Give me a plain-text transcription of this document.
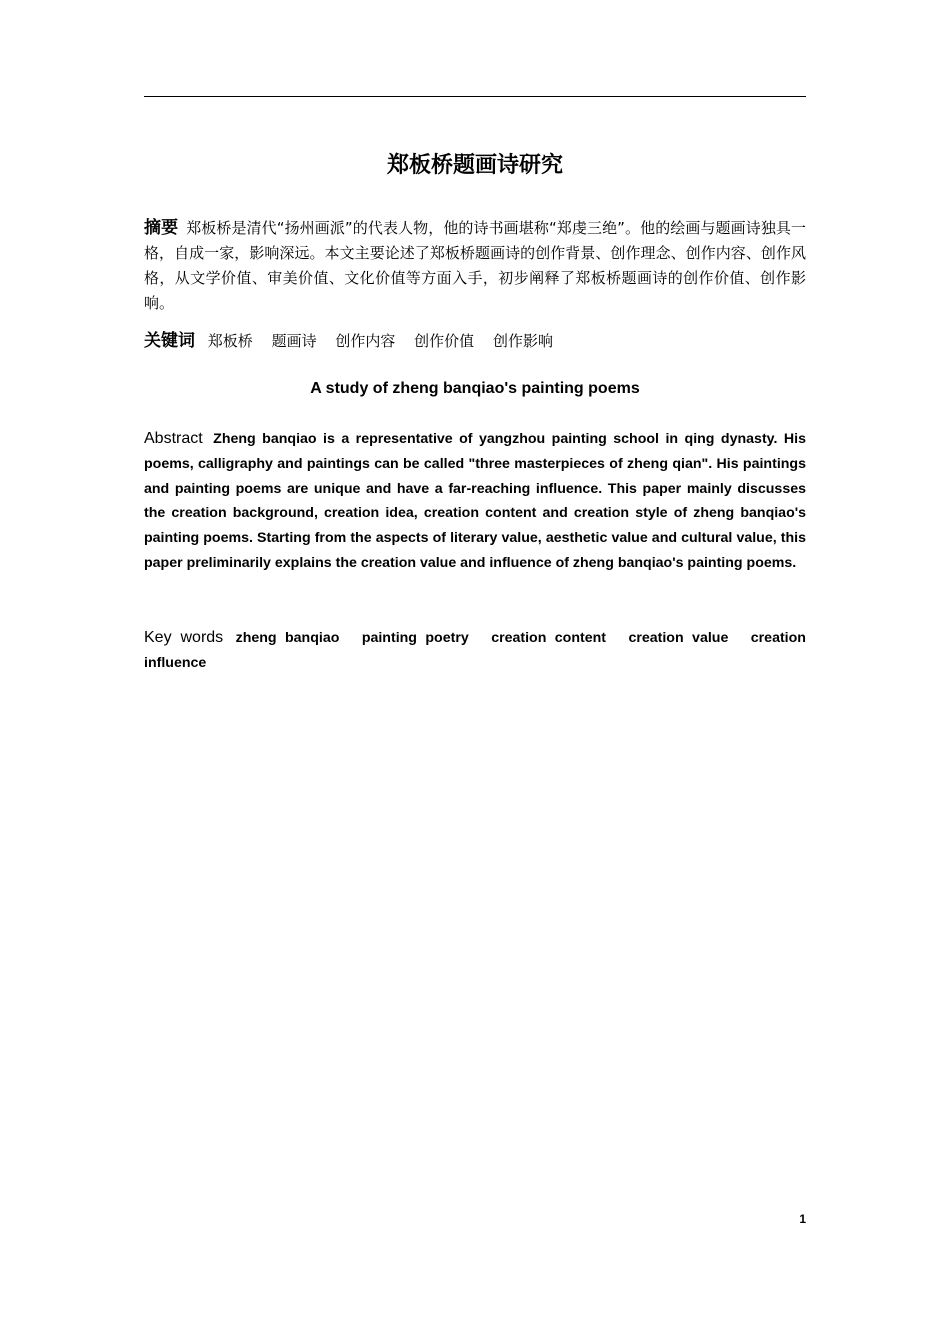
郑板桥题画诗研究
摘要 郑板桥是清代“扬州画派”的代表人物，他的诗书画堪称“郑虔三绝”。他的绘画与题画诗独具一格，自成一家，影响深远。本文主要论述了郑板桥题画诗的创作背景、创作理念、创作内容、创作风格，从文学价值、审美价值、文化价值等方面入手，初步阐释了郑板桥题画诗的创作价值、创作影响。
关键词 郑板桥 题画诗 创作内容 创作价值 创作影响
A study of zheng banqiao's painting poems
Abstract Zheng banqiao is a representative of yangzhou painting school in qing dynasty. His poems, calligraphy and paintings can be called "three masterpieces of zheng qian". His paintings and painting poems are unique and have a far-reaching influence. This paper mainly discusses the creation background, creation idea, creation content and creation style of zheng banqiao's painting poems. Starting from the aspects of literary value, aesthetic value and cultural value, this paper preliminarily explains the creation value and influence of zheng banqiao's painting poems.
Key words zheng banqiao painting poetry creation content creation value creation influence
1
